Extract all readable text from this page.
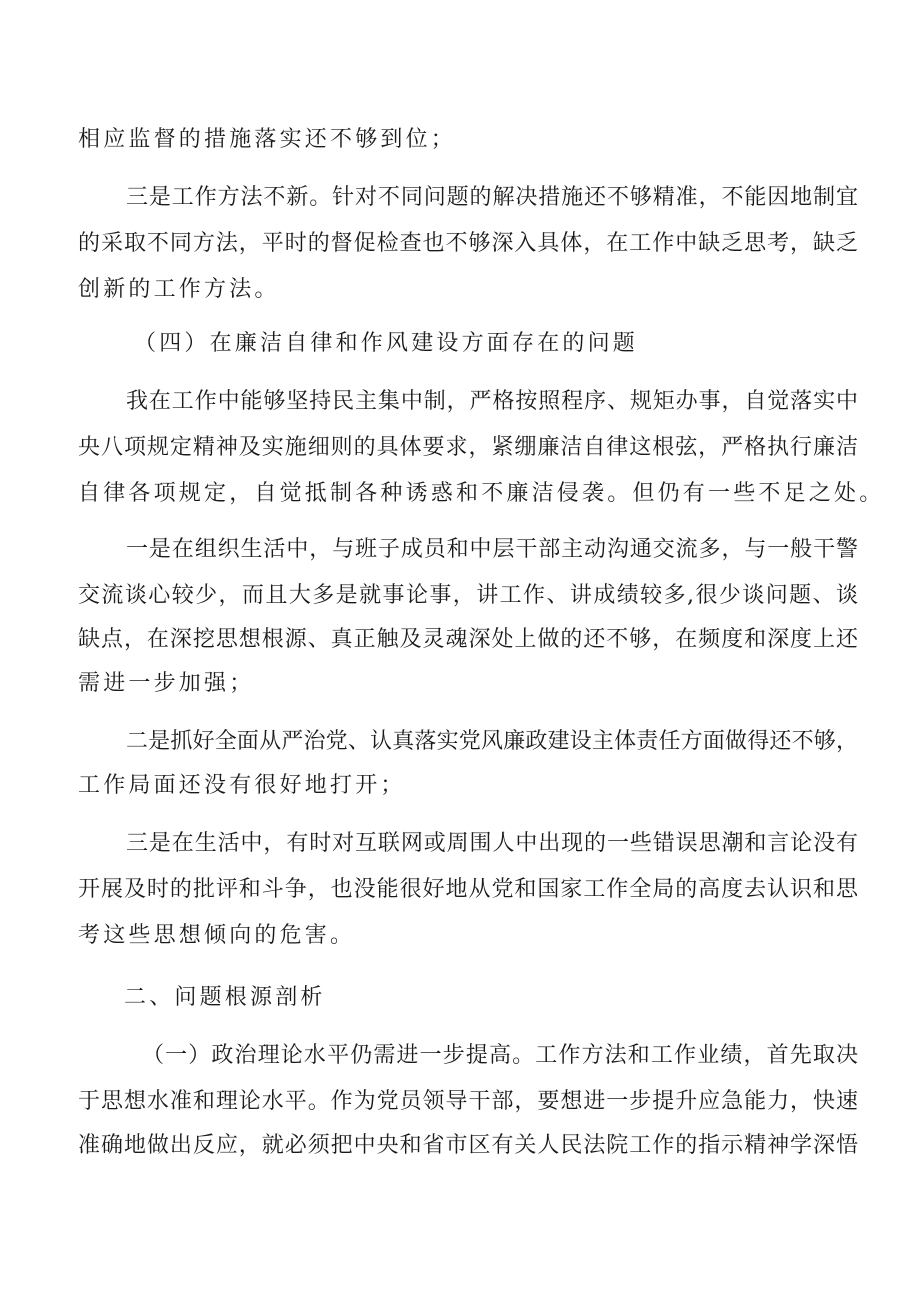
相应监督的措施落实还不够到位；
三是工作方法不新。针对不同问题的解决措施还不够精准，不能因地制宜
的采取不同方法，平时的督促检查也不够深入具体，在工作中缺乏思考，缺乏
创新的工作方法。
（四）在廉洁自律和作风建设方面存在的问题
我在工作中能够坚持民主集中制，严格按照程序、规矩办事，自觉落实中
央八项规定精神及实施细则的具体要求，紧绷廉洁自律这根弦，严格执行廉洁
自律各项规定，自觉抵制各种诱惑和不廉洁侵袭。但仍有一些不足之处。
一是在组织生活中，与班子成员和中层干部主动沟通交流多，与一般干警
交流谈心较少，而且大多是就事论事，讲工作、讲成绩较多,很少谈问题、谈
缺点，在深挖思想根源、真正触及灵魂深处上做的还不够，在频度和深度上还
需进一步加强；
二是抓好全面从严治党、认真落实党风廉政建设主体责任方面做得还不够，
工作局面还没有很好地打开；
三是在生活中，有时对互联网或周围人中出现的一些错误思潮和言论没有
开展及时的批评和斗争，也没能很好地从党和国家工作全局的高度去认识和思
考这些思想倾向的危害。
二、问题根源剖析
（一）政治理论水平仍需进一步提高。工作方法和工作业绩，首先取决
于思想水准和理论水平。作为党员领导干部，要想进一步提升应急能力，快速
准确地做出反应，就必须把中央和省市区有关人民法院工作的指示精神学深悟
